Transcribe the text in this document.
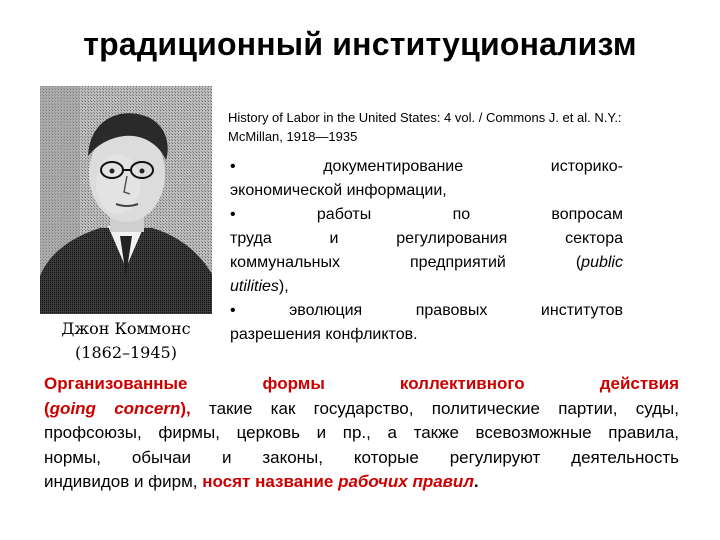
традиционный институционализм
Джон Коммонс
(1862–1945)
History of Labor in the United States: 4 vol. / Commons J. et al. N.Y.:
McMillan, 1918—1935
• документирование	историко-
экономической информации,
• работы	по вопросам
труда и регулирования	сектора
коммунальных	предприятий	(public
utilities),
• эволюция	правовых	институтов
разрешения конфликтов.
Организованные формы коллективного действия
(going concern), такие как государство, политические партии, суды,
профсоюзы, фирмы, церковь и пр., а также всевозможные правила,
нормы, обычаи и законы, которые регулируют деятельность
индивидов и фирм, носят название рабочих правил.
